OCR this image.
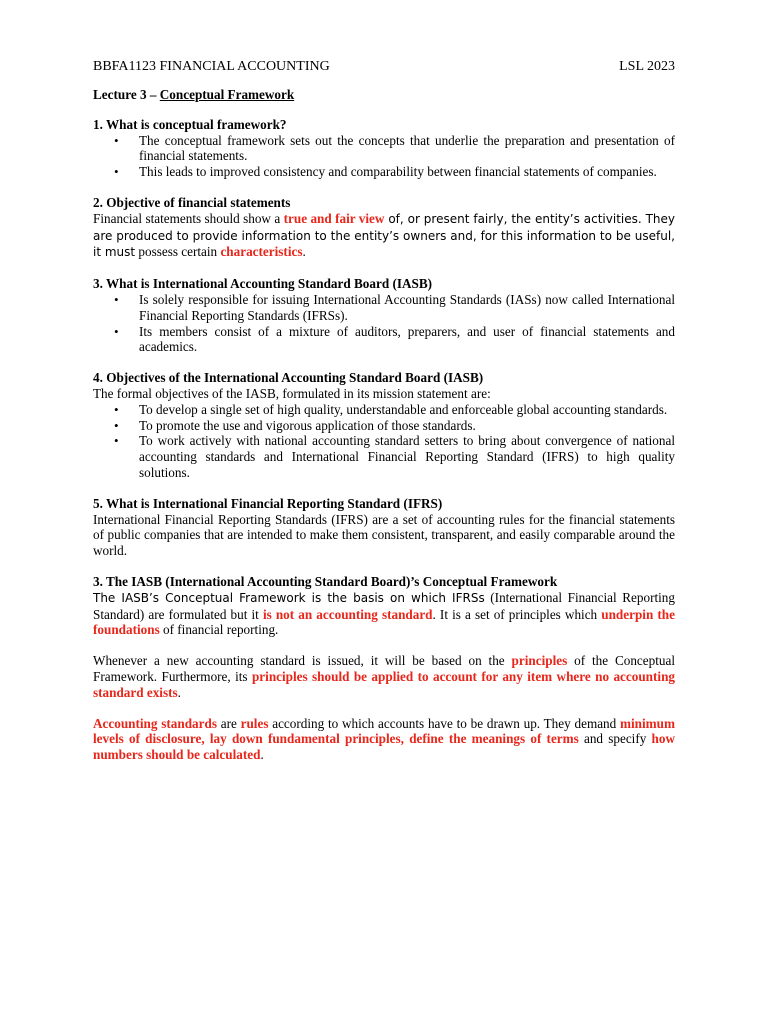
BBFA1123 FINANCIAL ACCOUNTING	LSL 2023
Lecture 3 – Conceptual Framework
1. What is conceptual framework?
• The conceptual framework sets out the concepts that underlie the preparation and presentation of financial statements.
• This leads to improved consistency and comparability between financial statements of companies.
2. Objective of financial statements

Financial statements should show a true and fair view of, or present fairly, the entity’s activities. They are produced to provide information to the entity’s owners and, for this information to be useful, it must possess certain characteristics.

3. What is International Accounting Standard Board (IASB)
• Is solely responsible for issuing International Accounting Standards (IASs) now called International Financial Reporting Standards (IFRSs).
• Its members consist of a mixture of auditors, preparers, and user of financial statements and academics.
4. Objectives of the International Accounting Standard Board (IASB)

The formal objectives of the IASB, formulated in its mission statement are:

• To develop a single set of high quality, understandable and enforceable global accounting standards.
• To promote the use and vigorous application of those standards.
• To work actively with national accounting standard setters to bring about convergence of national accounting standards and International Financial Reporting Standard (IFRS) to high quality solutions.
5. What is International Financial Reporting Standard (IFRS)

International Financial Reporting Standards (IFRS) are a set of accounting rules for the financial statements of public companies that are intended to make them consistent, transparent, and easily comparable around the world.

3. The IASB (International Accounting Standard Board)’s Conceptual Framework

The IASB’s Conceptual Framework is the basis on which IFRSs (International Financial Reporting Standard) are formulated but it is not an accounting standard. It is a set of principles which underpin the foundations of financial reporting.

Whenever a new accounting standard is issued, it will be based on the principles of the Conceptual Framework. Furthermore, its principles should be applied to account for any item where no accounting standard exists.

Accounting standards are rules according to which accounts have to be drawn up. They demand minimum levels of disclosure, lay down fundamental principles, define the meanings of terms and specify how numbers should be calculated.
